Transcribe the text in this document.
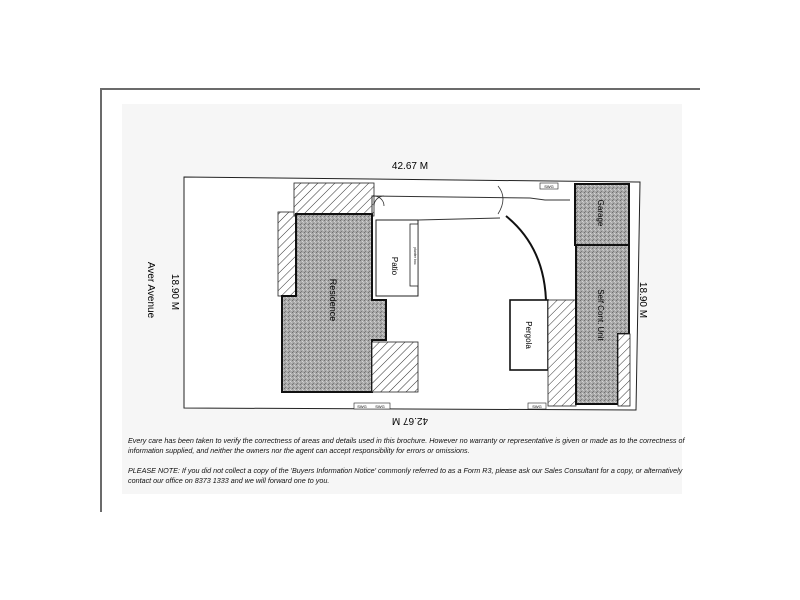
SWG
SWG SWG	SWG
42.67 M
42.67 M
18.90 M	18.90 M
Aver Avenue	Residence
Patio
planter box
Pergola
Garage
Self Cont. Unit

Every care has been taken to verify the correctness of areas and details used in this brochure. However no warranty or representative is given or made as to the correctness of information supplied, and neither the owners nor the agent can accept responsibility for errors or omissions.

PLEASE NOTE: If you did not collect a copy of the 'Buyers Information Notice' commonly referred to as a Form R3, please ask our Sales Consultant for a copy, or alternatively contact our office on 8373 1333 and we will forward one to you.
